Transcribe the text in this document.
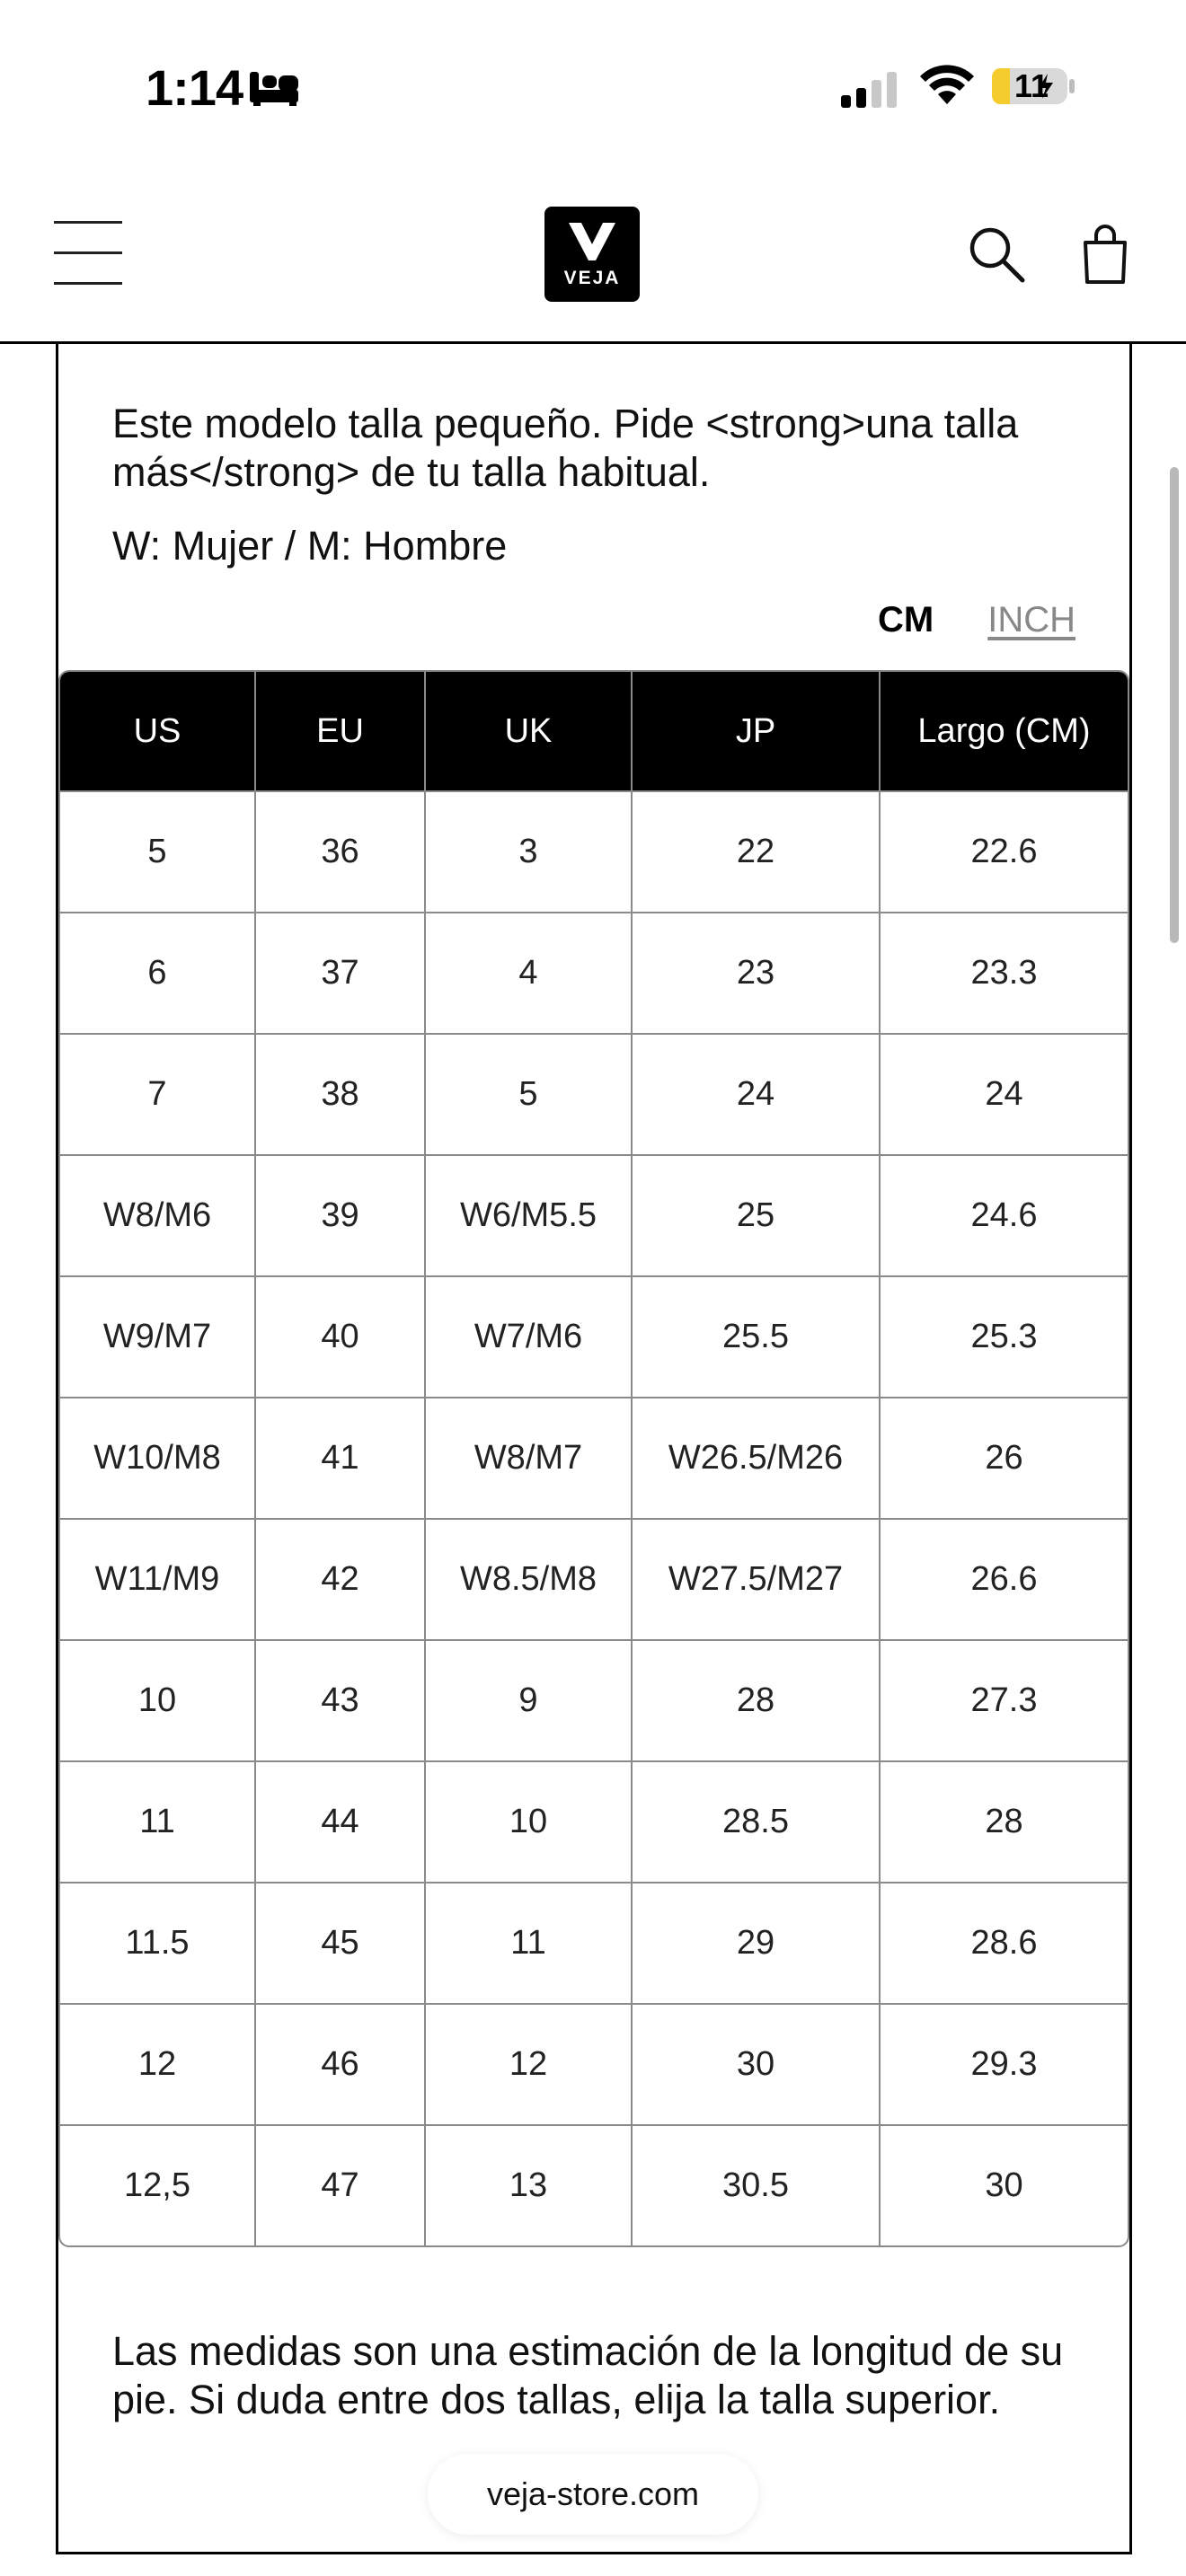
1:14	11
VEJA

Este modelo talla pequeño. Pide <strong>una talla más</strong> de tu talla habitual.

W: Mujer / M: Hombre

CM INCH
US	EU	UK	JP	Largo (CM)
5	36	3	22	22.6
6	37	4	23	23.3
7	38	5	24	24
W8/M6	39	W6/M5.5	25	24.6
W9/M7	40	W7/M6	25.5	25.3
W10/M8	41	W8/M7	W26.5/M26	26
W11/M9	42	W8.5/M8	W27.5/M27	26.6
10	43	9	28	27.3
11	44	10	28.5	28
11.5	45	11	29	28.6
12	46	12	30	29.3
12,5	47	13	30.5	30

Las medidas son una estimación de la longitud de su pie. Si duda entre dos tallas, elija la talla superior.

veja-store.com
